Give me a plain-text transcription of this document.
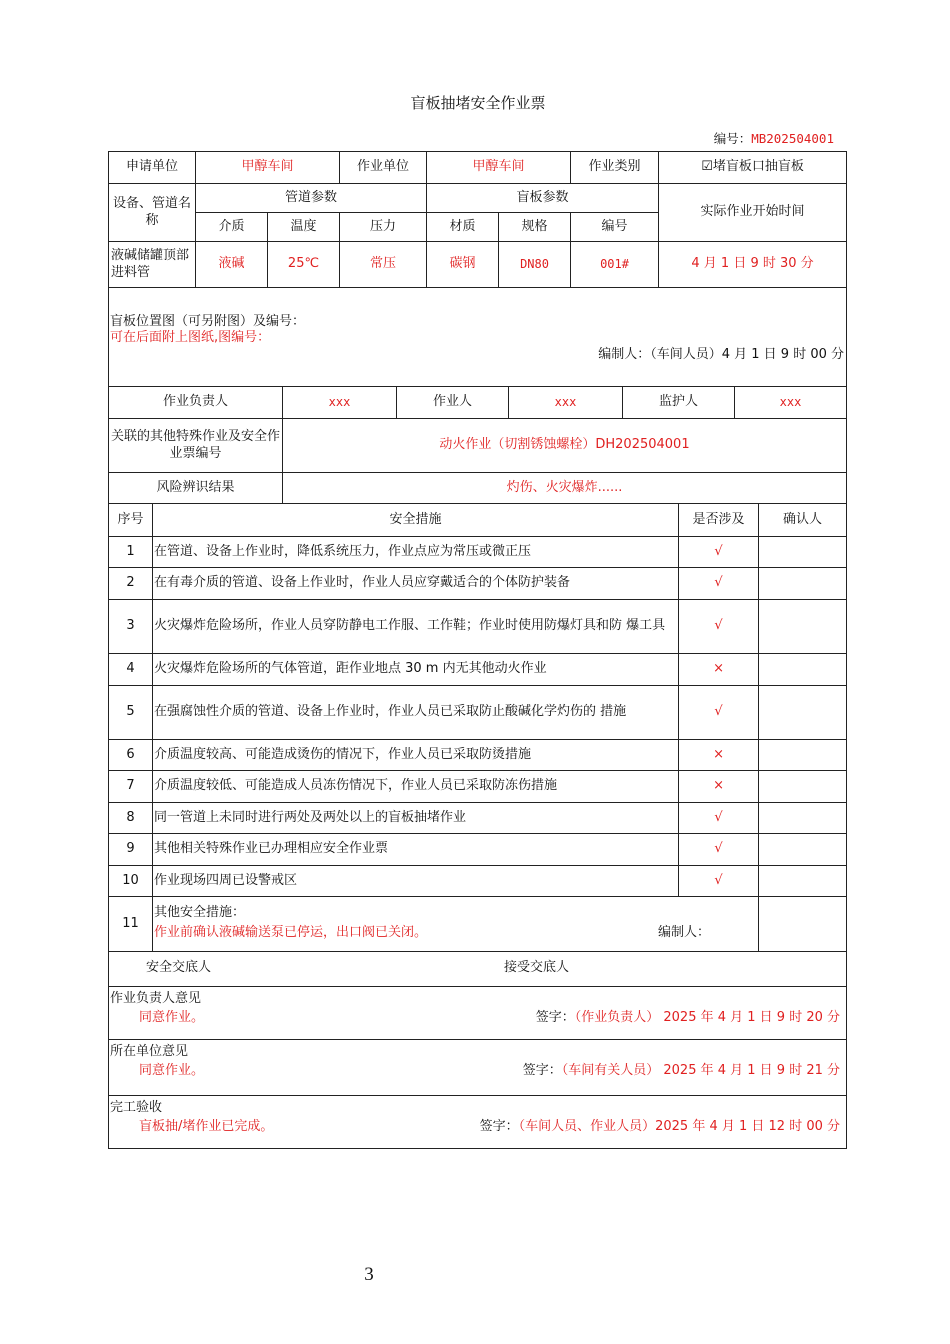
盲板抽堵安全作业票
编号：MB202504001
申请单位	甲醇车间		作业单位	甲醇车间		作业类别	☑堵盲板口抽盲板
设备、管道名称	管道参数			盲板参数			实际作业开始时间
	介质	温度	压力	材质	规格	编号	
液碱储罐顶部进料管	液碱	25℃	常压	碳钢	DN80	001#	4 月 1 日 9 时 30 分

盲板位置图（可另附图）及编号：
可在后面附上图纸,图编号：
编制人：（车间人员）4 月 1 日 9 时 00 分							
作业负责人	xxx	作业人	xxx	监护人	xxx
关联的其他特殊作业及安全作业票编号	动火作业（切割锈蚀螺栓）DH202504001				
风险辨识结果	灼伤、火灾爆炸......				
序号	安全措施	是否涉及	确认人
1	在管道、设备上作业时，降低系统压力，作业点应为常压或微正压	√	
2	在有毒介质的管道、设备上作业时，作业人员应穿戴适合的个体防护装备	√	
3	火灾爆炸危险场所，作业人员穿防静电工作服、工作鞋；作业时使用防爆灯具和防 爆工具	√	
4	火灾爆炸危险场所的气体管道，距作业地点 30 m 内无其他动火作业	×	
5	在强腐蚀性介质的管道、设备上作业时，作业人员已采取防止酸碱化学灼伤的 措施	√	
6	介质温度较高、可能造成烫伤的情况下，作业人员已采取防烫措施	×	
7	介质温度较低、可能造成人员冻伤情况下，作业人员已采取防冻伤措施	×	
8	同一管道上未同时进行两处及两处以上的盲板抽堵作业	√	
9	其他相关特殊作业已办理相应安全作业票	√	
10	作业现场四周已设警戒区	√	
11	其他安全措施：
作业前确认液碱输送泵已停运，出口阀已关闭。 编制人：		

安全交底人 接受交底人			

作业负责人意见
同意作业。 签字：（作业负责人） 2025 年 4 月 1 日 9 时 20 分			

所在单位意见
同意作业。 签字：（车间有关人员） 2025 年 4 月 1 日 9 时 21 分			

完工验收
盲板抽/堵作业已完成。 签字：（车间人员、作业人员）2025 年 4 月 1 日 12 时 00 分			
3
